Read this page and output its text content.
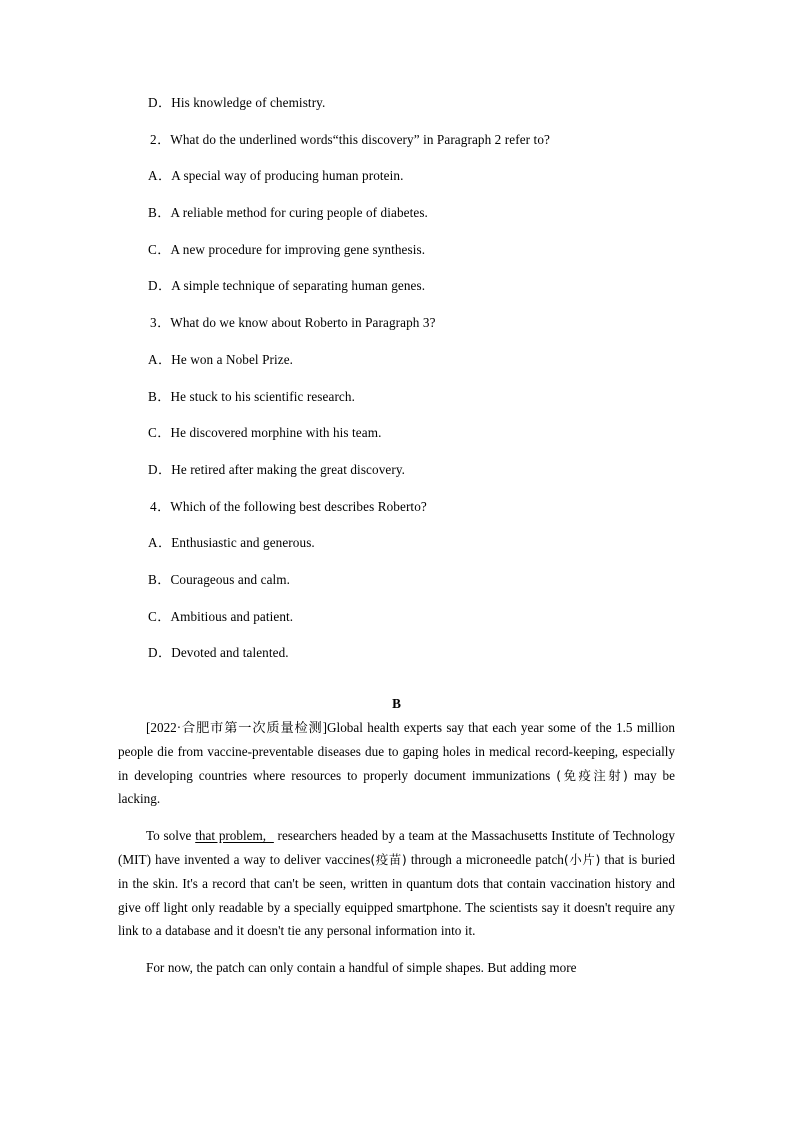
D．His knowledge of chemistry.
2．What do the underlined words“this discovery” in Paragraph 2 refer to?
A．A special way of producing human protein.
B．A reliable method for curing people of diabetes.
C．A new procedure for improving gene synthesis.
D．A simple technique of separating human genes.
3．What do we know about Roberto in Paragraph 3?
A．He won a Nobel Prize.
B．He stuck to his scientific research.
C．He discovered morphine with his team.
D．He retired after making the great discovery.
4．Which of the following best describes Roberto?
A．Enthusiastic and generous.
B．Courageous and calm.
C．Ambitious and patient.
D．Devoted and talented.
B

[2022·合肥市第一次质量检测]Global health experts say that each year some of the 1.5 million people die from vaccine-preventable diseases due to gaping holes in medical record-keeping, especially in developing countries where resources to properly document immunizations (免疫注射) may be lacking.

To solve that problem, researchers headed by a team at the Massachusetts Institute of Technology (MIT) have invented a way to deliver vaccines(疫苗) through a microneedle patch(小片) that is buried in the skin. It's a record that can't be seen, written in quantum dots that contain vaccination history and give off light only readable by a specially equipped smartphone. The scientists say it doesn't require any link to a database and it doesn't tie any personal information into it.

For now, the patch can only contain a handful of simple shapes. But adding more
